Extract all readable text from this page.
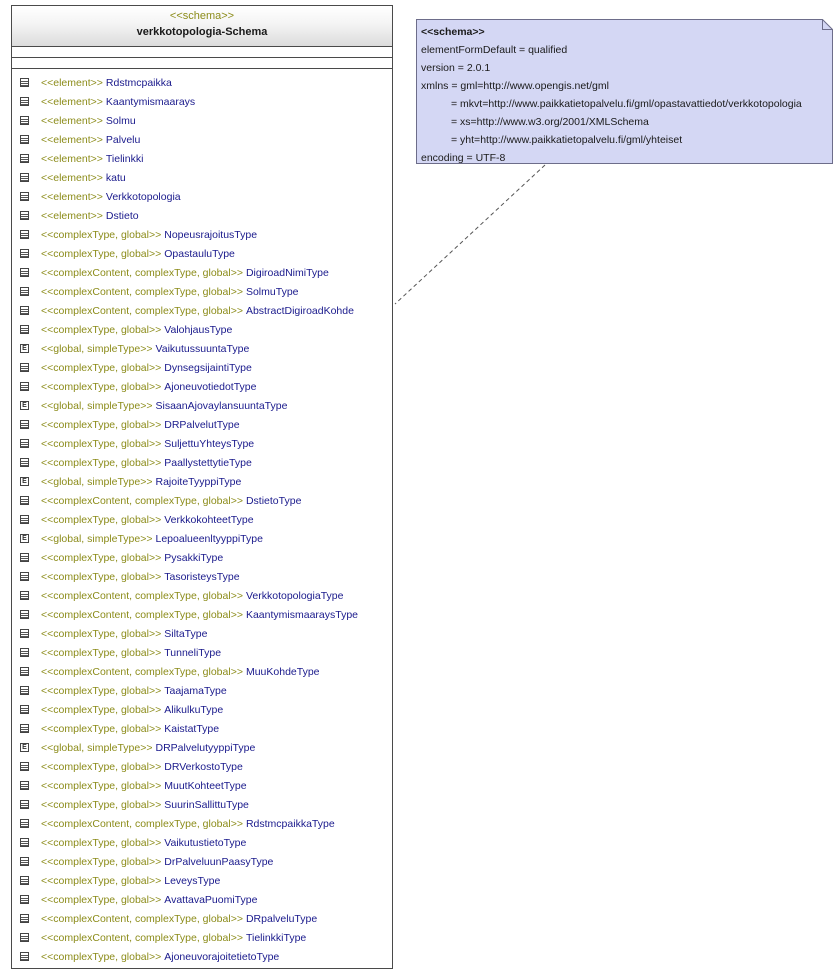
<<schema>>
verkkotopologia-Schema
<<element>> Rdstmcpaikka
<<element>> Kaantymismaarays
<<element>> Solmu
<<element>> Palvelu
<<element>> Tielinkki
<<element>> katu
<<element>> Verkkotopologia
<<element>> Dstieto
<<complexType, global>> NopeusrajoitusType
<<complexType, global>> OpastauluType
<<complexContent, complexType, global>> DigiroadNimiType
<<complexContent, complexType, global>> SolmuType
<<complexContent, complexType, global>> AbstractDigiroadKohde
<<complexType, global>> ValohjausType
E <<global, simpleType>> VaikutussuuntaType
<<complexType, global>> DynsegsijaintiType
<<complexType, global>> AjoneuvotiedotType
E <<global, simpleType>> SisaanAjovaylansuuntaType
<<complexType, global>> DRPalvelutType
<<complexType, global>> SuljettuYhteysType
<<complexType, global>> PaallystettytieType
E <<global, simpleType>> RajoiteTyyppiType
<<complexContent, complexType, global>> DstietoType
<<complexType, global>> VerkkokohteetType
E <<global, simpleType>> LepoalueenltyyppiType
<<complexType, global>> PysakkiType
<<complexType, global>> TasoristeysType
<<complexContent, complexType, global>> VerkkotopologiaType
<<complexContent, complexType, global>> KaantymismaaraysType
<<complexType, global>> SiltaType
<<complexType, global>> TunneliType
<<complexContent, complexType, global>> MuuKohdeType
<<complexType, global>> TaajamaType
<<complexType, global>> AlikulkuType
<<complexType, global>> KaistatType
E <<global, simpleType>> DRPalvelutyyppiType
<<complexType, global>> DRVerkostoType
<<complexType, global>> MuutKohteetType
<<complexType, global>> SuurinSallittuType
<<complexContent, complexType, global>> RdstmcpaikkaType
<<complexType, global>> VaikutustietoType
<<complexType, global>> DrPalveluunPaasyType
<<complexType, global>> LeveysType
<<complexType, global>> AvattavaPuomiType
<<complexContent, complexType, global>> DRpalveluType
<<complexContent, complexType, global>> TielinkkiType
<<complexType, global>> AjoneuvorajoitetietoType
<<schema>>
elementFormDefault = qualified
version = 2.0.1
xmlns = gml=http://www.opengis.net/gml
= mkvt=http://www.paikkatietopalvelu.fi/gml/opastavattiedot/verkkotopologia
= xs=http://www.w3.org/2001/XMLSchema
= yht=http://www.paikkatietopalvelu.fi/gml/yhteiset
encoding = UTF-8
